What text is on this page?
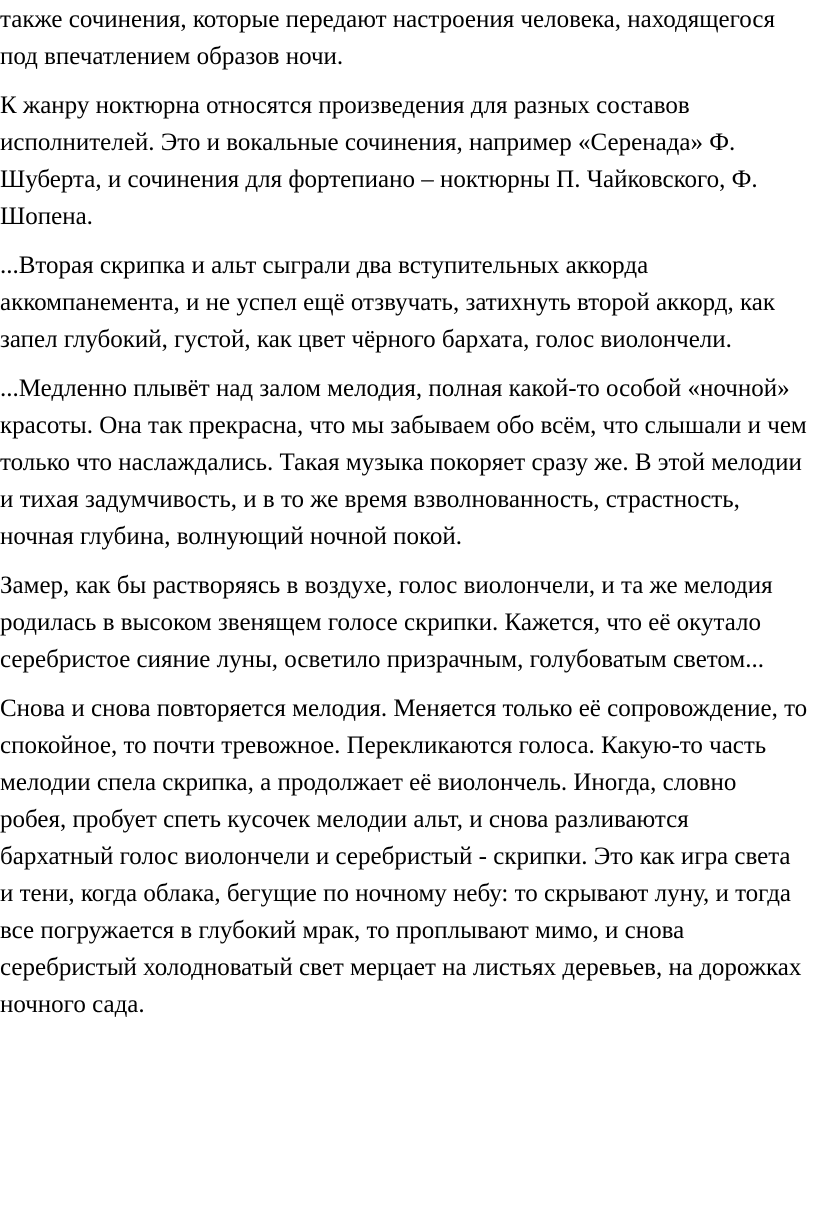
также сочинения, которые передают настроения человека, находящегося под впечатлением образов ночи.

К жанру ноктюрна относятся произведения для разных составов исполнителей. Это и вокальные сочинения, например «Серенада» Ф. Шуберта, и сочинения для фортепиано – ноктюрны П. Чайковского, Ф. Шопена.

...Вторая скрипка и альт сыграли два вступительных аккорда аккомпанемента, и не успел ещё отзвучать, затихнуть второй аккорд, как запел глубокий, густой, как цвет чёрного бархата, голос виолончели.

...Медленно плывёт над залом мелодия, полная какой-то особой «ночной» красоты. Она так прекрасна, что мы забываем обо всём, что слышали и чем только что наслаждались. Такая музыка покоряет сразу же. В этой мелодии и тихая задумчивость, и в то же время взволнованность, страстность, ночная глубина, волнующий ночной покой.

Замер, как бы растворяясь в воздухе, голос виолончели, и та же мелодия родилась в высоком звенящем голосе скрипки. Кажется, что её окутало серебристое сияние луны, осветило призрачным, голубоватым светом...

Снова и снова повторяется мелодия. Меняется только её сопровождение, то спокойное, то почти тревожное. Перекликаются голоса. Какую-то часть мелодии спела скрипка, а продолжает её виолончель. Иногда, словно робея, пробует спеть кусочек мелодии альт, и снова разливаются бархатный голос виолончели и серебристый - скрипки. Это как игра света и тени, когда облака, бегущие по ночному небу: то скрывают луну, и тогда все погружается в глубокий мрак, то проплывают мимо, и снова серебристый холодноватый свет мерцает на листьях деревьев, на дорожках ночного сада.
